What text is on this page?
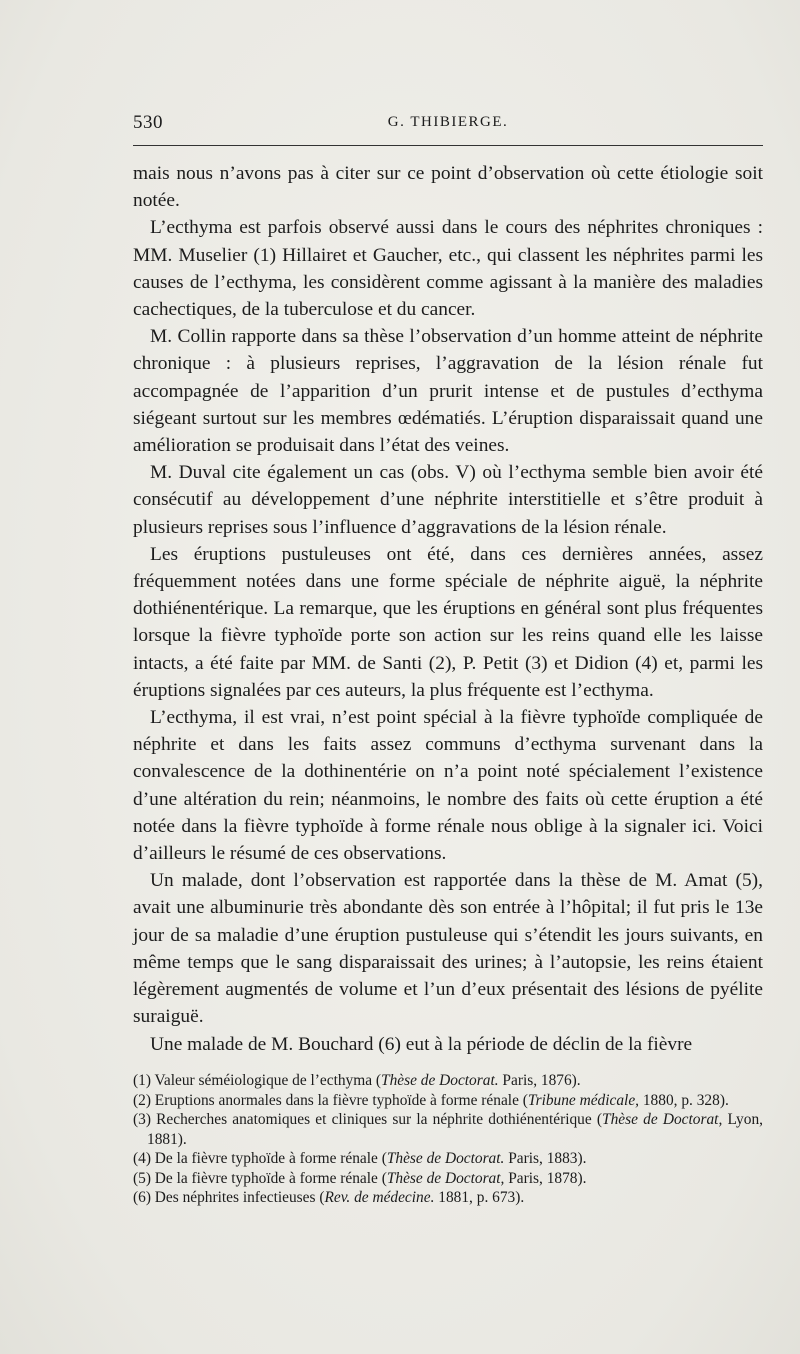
530	G. THIBIERGE.

mais nous n’avons pas à citer sur ce point d’observation où cette étiologie soit notée.

L’ecthyma est parfois observé aussi dans le cours des néphrites chroniques : MM. Muselier (1) Hillairet et Gaucher, etc., qui classent les néphrites parmi les causes de l’ecthyma, les considèrent comme agissant à la manière des maladies cachectiques, de la tuberculose et du cancer.

M. Collin rapporte dans sa thèse l’observation d’un homme atteint de néphrite chronique : à plusieurs reprises, l’aggravation de la lésion rénale fut accompagnée de l’apparition d’un prurit intense et de pustules d’ecthyma siégeant surtout sur les membres œdématiés. L’éruption disparaissait quand une amélioration se produisait dans l’état des veines.

M. Duval cite également un cas (obs. V) où l’ecthyma semble bien avoir été consécutif au développement d’une néphrite interstitielle et s’être produit à plusieurs reprises sous l’influence d’aggravations de la lésion rénale.

Les éruptions pustuleuses ont été, dans ces dernières années, assez fréquemment notées dans une forme spéciale de néphrite aiguë, la néphrite dothiénentérique. La remarque, que les éruptions en général sont plus fréquentes lorsque la fièvre typhoïde porte son action sur les reins quand elle les laisse intacts, a été faite par MM. de Santi (2), P. Petit (3) et Didion (4) et, parmi les éruptions signalées par ces auteurs, la plus fréquente est l’ecthyma.

L’ecthyma, il est vrai, n’est point spécial à la fièvre typhoïde compliquée de néphrite et dans les faits assez communs d’ecthyma survenant dans la convalescence de la dothinentérie on n’a point noté spécialement l’existence d’une altération du rein; néanmoins, le nombre des faits où cette éruption a été notée dans la fièvre typhoïde à forme rénale nous oblige à la signaler ici. Voici d’ailleurs le résumé de ces observations.

Un malade, dont l’observation est rapportée dans la thèse de M. Amat (5), avait une albuminurie très abondante dès son entrée à l’hôpital; il fut pris le 13e jour de sa maladie d’une éruption pustuleuse qui s’étendit les jours suivants, en même temps que le sang disparaissait des urines; à l’autopsie, les reins étaient légèrement augmentés de volume et l’un d’eux présentait des lésions de pyélite suraiguë.

Une malade de M. Bouchard (6) eut à la période de déclin de la fièvre

(1) Valeur séméiologique de l’ecthyma (Thèse de Doctorat. Paris, 1876).

(2) Eruptions anormales dans la fièvre typhoïde à forme rénale (Tribune médicale, 1880, p. 328).

(3) Recherches anatomiques et cliniques sur la néphrite dothiénentérique (Thèse de Doctorat, Lyon, 1881).

(4) De la fièvre typhoïde à forme rénale (Thèse de Doctorat. Paris, 1883).

(5) De la fièvre typhoïde à forme rénale (Thèse de Doctorat, Paris, 1878).

(6) Des néphrites infectieuses (Rev. de médecine. 1881, p. 673).
